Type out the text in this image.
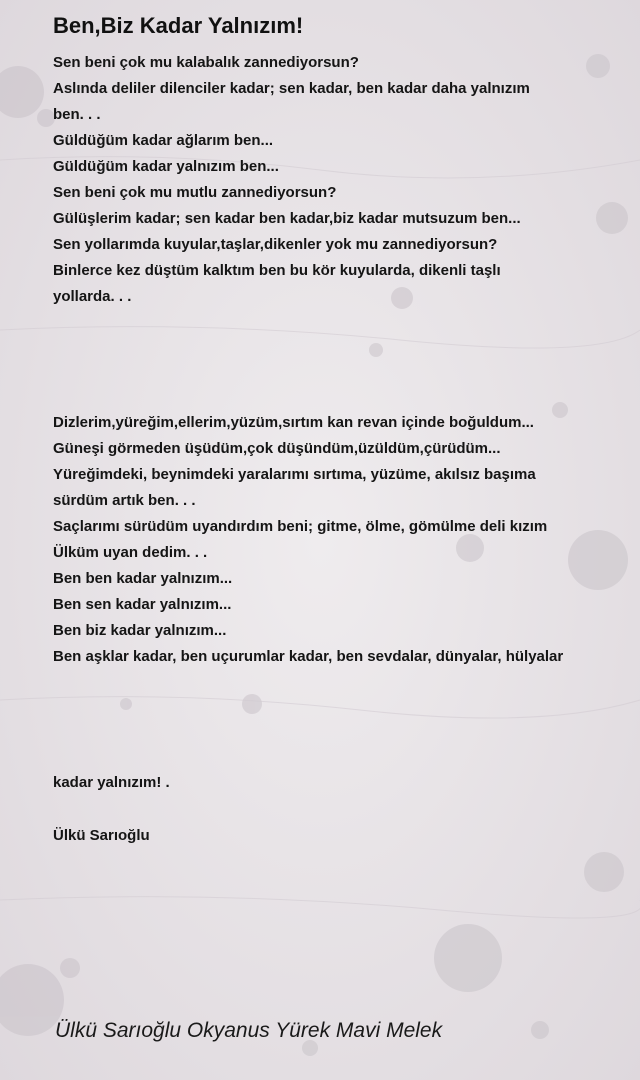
Ben,Biz Kadar Yalnızım!
Sen beni çok mu kalabalık zannediyorsun?
Aslında deliler dilenciler kadar; sen kadar, ben kadar daha yalnızım
ben. . .
Güldüğüm kadar ağlarım ben...
Güldüğüm kadar yalnızım ben...
Sen beni çok mu mutlu zannediyorsun?
Gülüşlerim kadar; sen kadar ben kadar,biz kadar mutsuzum ben...
Sen yollarımda kuyular,taşlar,dikenler yok mu zannediyorsun?
Binlerce kez düştüm kalktım ben bu kör kuyularda, dikenli taşlı
yollarda. . .
Dizlerim,yüreğim,ellerim,yüzüm,sırtım kan revan içinde boğuldum...
Güneşi görmeden üşüdüm,çok düşündüm,üzüldüm,çürüdüm...
Yüreğimdeki, beynimdeki yaralarımı sırtıma, yüzüme, akılsız başıma
sürdüm artık ben. . .
Saçlarımı sürüdüm uyandırdım beni; gitme, ölme, gömülme deli kızım
Ülküm uyan dedim. . .
Ben ben kadar yalnızım...
Ben sen kadar yalnızım...
Ben biz kadar yalnızım...
Ben aşklar kadar, ben uçurumlar kadar, ben sevdalar, dünyalar, hülyalar
kadar yalnızım! .
Ülkü Sarıoğlu
Ülkü Sarıoğlu Okyanus Yürek Mavi Melek
